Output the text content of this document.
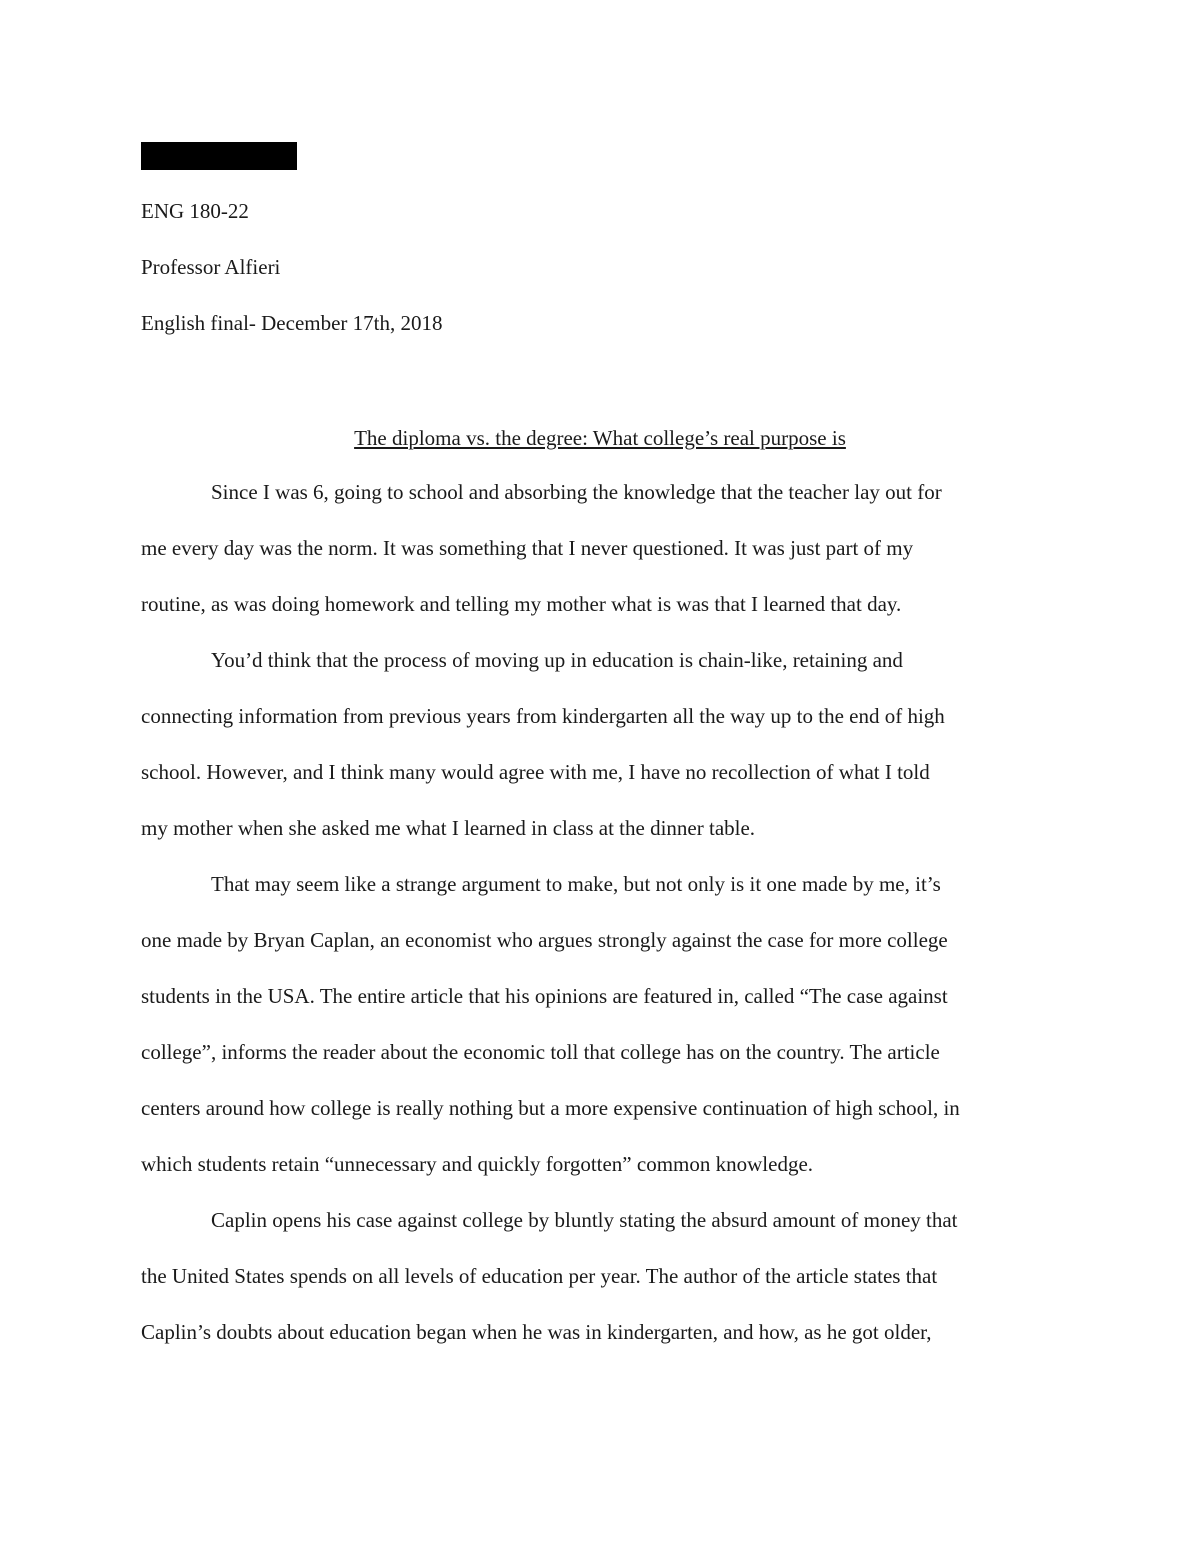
ENG 180-22
Professor Alfieri
English final- December 17th, 2018
The diploma vs. the degree: What college’s real purpose is
Since I was 6, going to school and absorbing the knowledge that the teacher lay out for
me every day was the norm. It was something that I never questioned. It was just part of my
routine, as was doing homework and telling my mother what is was that I learned that day.
You’d think that the process of moving up in education is chain-like, retaining and
connecting information from previous years from kindergarten all the way up to the end of high
school. However, and I think many would agree with me, I have no recollection of what I told
my mother when she asked me what I learned in class at the dinner table.
That may seem like a strange argument to make, but not only is it one made by me, it’s
one made by Bryan Caplan, an economist who argues strongly against the case for more college
students in the USA. The entire article that his opinions are featured in, called “The case against
college”, informs the reader about the economic toll that college has on the country. The article
centers around how college is really nothing but a more expensive continuation of high school, in
which students retain “unnecessary and quickly forgotten” common knowledge.
Caplin opens his case against college by bluntly stating the absurd amount of money that
the United States spends on all levels of education per year. The author of the article states that
Caplin’s doubts about education began when he was in kindergarten, and how, as he got older,
